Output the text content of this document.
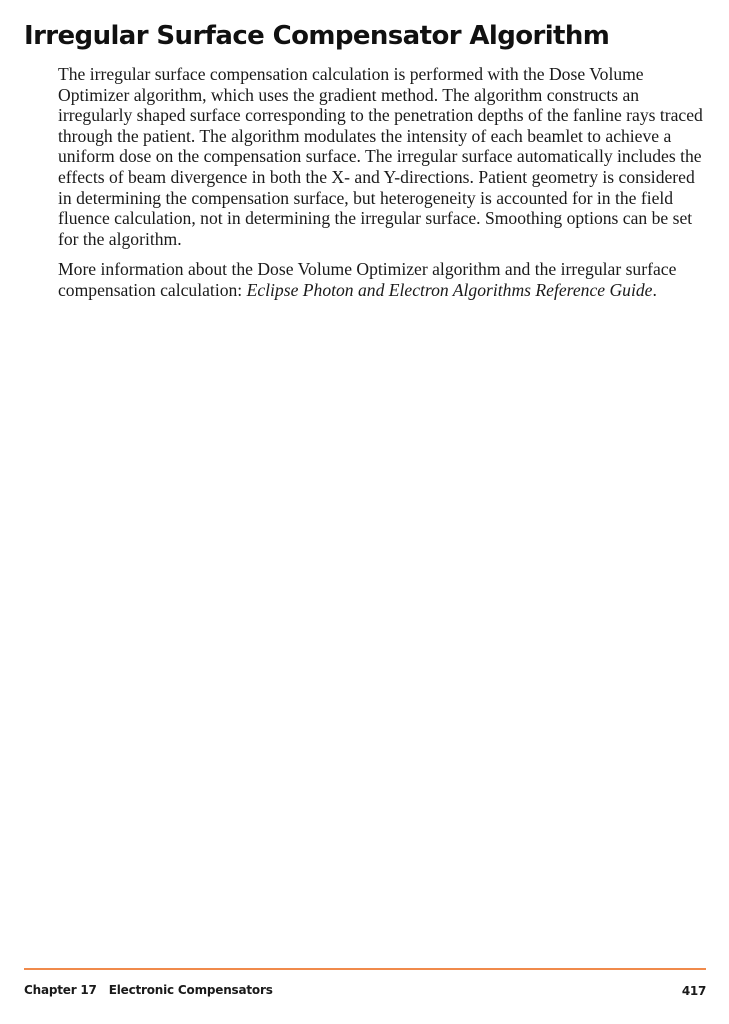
Irregular Surface Compensator Algorithm

The irregular surface compensation calculation is performed with the Dose Volume Optimizer algorithm, which uses the gradient method. The algorithm constructs an irregularly shaped surface corresponding to the penetration depths of the fanline rays traced through the patient. The algorithm modulates the intensity of each beamlet to achieve a uniform dose on the compensation surface. The irregular surface automatically includes the effects of beam divergence in both the X- and Y-directions. Patient geometry is considered in determining the compensation surface, but heterogeneity is accounted for in the field fluence calculation, not in determining the irregular surface. Smoothing options can be set for the algorithm.

More information about the Dose Volume Optimizer algorithm and the irregular surface compensation calculation: Eclipse Photon and Electron Algorithms Reference Guide.

Chapter 17 Electronic Compensators	417
